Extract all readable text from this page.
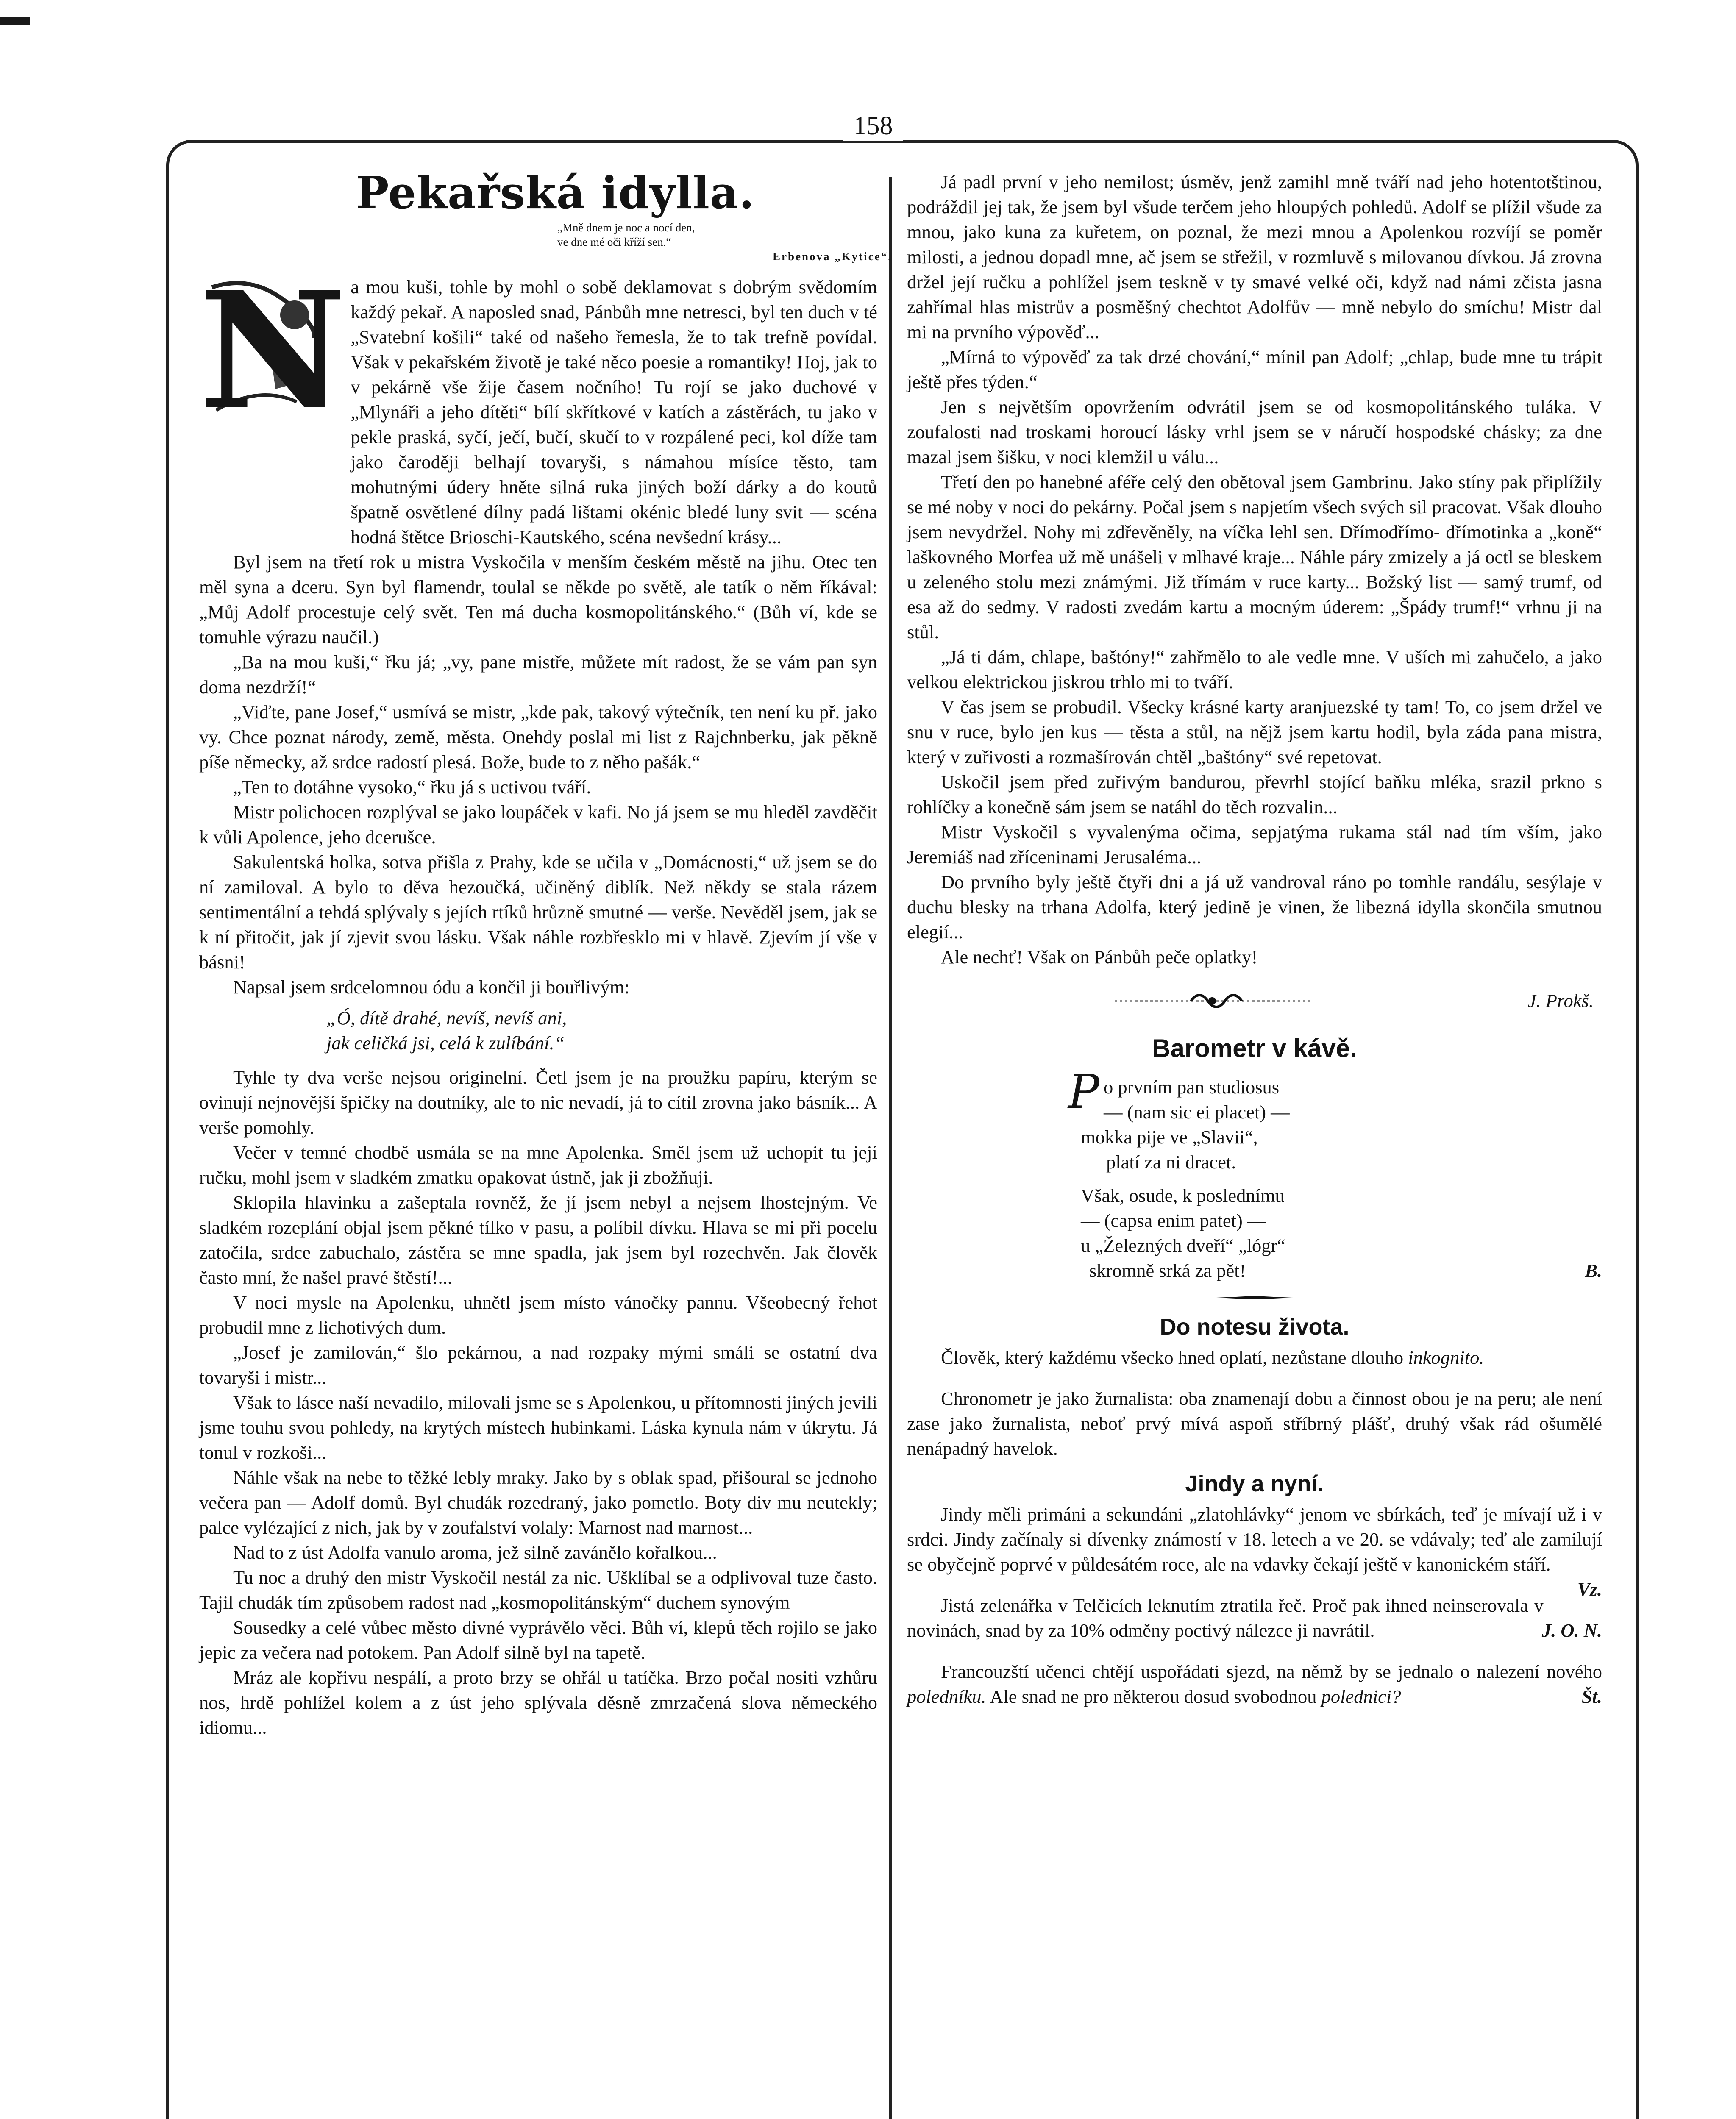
158

Pekařská idylla.

„Mně dnem je noc a nocí den,
ve dne mé oči kříží sen.“
Erbenova „Kytice“.
N a mou kuši, tohle by mohl o sobě deklamovat s dobrým svědomím každý pekař. A naposled snad, Pánbůh mne netresci, byl ten duch v té „Svatební košili“ také od našeho řemesla, že to tak trefně povídal. Však v pekařském životě je také něco poesie a romantiky! Hoj, jak to v pekárně vše žije časem nočního! Tu rojí se jako duchové v „Mlynáři a jeho dítěti“ bílí skřítkové v katích a zástěrách, tu jako v pekle praská, syčí, ječí, bučí, skučí to v rozpálené peci, kol díže tam jako čaroději belhají tovaryši, s námahou mísíce těsto, tam mohutnými údery hněte silná ruka jiných boží dárky a do koutů špatně osvětlené dílny padá lištami okénic bledé luny svit — scéna hodná štětce Brioschi-Kautského, scéna nevšední krásy...

Byl jsem na třetí rok u mistra Vyskočila v menším českém městě na jihu. Otec ten měl syna a dceru. Syn byl flamendr, toulal se někde po světě, ale tatík o něm říkával: „Můj Adolf procestuje celý svět. Ten má ducha kosmopolitánského.“ (Bůh ví, kde se tomuhle výrazu naučil.)

„Ba na mou kuši,“ řku já; „vy, pane mistře, můžete mít radost, že se vám pan syn doma nezdrží!“

„Viďte, pane Josef,“ usmívá se mistr, „kde pak, takový výtečník, ten není ku př. jako vy. Chce poznat národy, země, města. Onehdy poslal mi list z Rajchnberku, jak pěkně píše německy, až srdce radostí plesá. Bože, bude to z něho pašák.“

„Ten to dotáhne vysoko,“ řku já s uctivou tváří.

Mistr polichocen rozplýval se jako loupáček v kafi. No já jsem se mu hleděl zavděčit k vůli Apolence, jeho dcerušce.

Sakulentská holka, sotva přišla z Prahy, kde se učila v „Domácnosti,“ už jsem se do ní zamiloval. A bylo to děva hezoučká, učiněný diblík. Než někdy se stala rázem sentimentální a tehdá splývaly s jejích rtíků hrůzně smutné — verše. Nevěděl jsem, jak se k ní přitočit, jak jí zjevit svou lásku. Však náhle rozbřesklo mi v hlavě. Zjevím jí vše v básni!

Napsal jsem srdcelomnou ódu a končil ji bouřlivým:

„Ó, dítě drahé, nevíš, nevíš ani,
jak celičká jsi, celá k zulíbání.“

Tyhle ty dva verše nejsou originelní. Četl jsem je na proužku papíru, kterým se ovinují nejnovější špičky na doutníky, ale to nic nevadí, já to cítil zrovna jako básník... A verše pomohly.

Večer v temné chodbě usmála se na mne Apolenka. Směl jsem už uchopit tu její ručku, mohl jsem v sladkém zmatku opakovat ústně, jak ji zbožňuji.

Sklopila hlavinku a zašeptala rovněž, že jí jsem nebyl a nejsem lhostejným. Ve sladkém rozeplání objal jsem pěkné tílko v pasu, a políbil dívku. Hlava se mi při pocelu zatočila, srdce zabuchalo, zástěra se mne spadla, jak jsem byl rozechvěn. Jak člověk často mní, že našel pravé štěstí!...

V noci mysle na Apolenku, uhnětl jsem místo vánočky pannu. Všeobecný řehot probudil mne z lichotivých dum.

„Josef je zamilován,“ šlo pekárnou, a nad rozpaky mými smáli se ostatní dva tovaryši i mistr...

Však to lásce naší nevadilo, milovali jsme se s Apolenkou, u přítomnosti jiných jevili jsme touhu svou pohledy, na krytých místech hubinkami. Láska kynula nám v úkrytu. Já tonul v rozkoši...

Náhle však na nebe to těžké lebly mraky. Jako by s oblak spad, přišoural se jednoho večera pan — Adolf domů. Byl chudák rozedraný, jako pometlo. Boty div mu neutekly; palce vylézající z nich, jak by v zoufalství volaly: Marnost nad marnost...

Nad to z úst Adolfa vanulo aroma, jež silně zavánělo kořalkou...

Tu noc a druhý den mistr Vyskočil nestál za nic. Ušklíbal se a odplivoval tuze často. Tajil chudák tím způsobem radost nad „kosmopolitánským“ duchem synovým

Sousedky a celé vůbec město divné vyprávělo věci. Bůh ví, klepů těch rojilo se jako jepic za večera nad potokem. Pan Adolf silně byl na tapetě.

Mráz ale kopřivu nespálí, a proto brzy se ohřál u tatíčka. Brzo počal nositi vzhůru nos, hrdě pohlížel kolem a z úst jeho splývala děsně zmrzačená slova německého idiomu...

Já padl první v jeho nemilost; úsměv, jenž zamihl mně tváří nad jeho hotentotštinou, podráždil jej tak, že jsem byl všude terčem jeho hloupých pohledů. Adolf se plížil všude za mnou, jako kuna za kuřetem, on poznal, že mezi mnou a Apolenkou rozvíjí se poměr milosti, a jednou dopadl mne, ač jsem se střežil, v rozmluvě s milovanou dívkou. Já zrovna držel její ručku a pohlížel jsem teskně v ty smavé velké oči, když nad námi zčista jasna zahřímal hlas mistrův a posměšný chechtot Adolfův — mně nebylo do smíchu! Mistr dal mi na prvního výpověď...

„Mírná to výpověď za tak drzé chování,“ mínil pan Adolf; „chlap, bude mne tu trápit ještě přes týden.“

Jen s největším opovržením odvrátil jsem se od kosmopolitánského tuláka. V zoufalosti nad troskami horoucí lásky vrhl jsem se v náručí hospodské chásky; za dne mazal jsem šišku, v noci klemžil u válu...

Třetí den po hanebné aféře celý den obětoval jsem Gambrinu. Jako stíny pak připlížily se mé noby v noci do pekárny. Počal jsem s napjetím všech svých sil pracovat. Však dlouho jsem nevydržel. Nohy mi zdřevěněly, na víčka lehl sen. Dřímodřímo- dřímotinka a „koně“ laškovného Morfea už mě unášeli v mlhavé kraje... Náhle páry zmizely a já octl se bleskem u zeleného stolu mezi známými. Již třímám v ruce karty... Božský list — samý trumf, od esa až do sedmy. V radosti zvedám kartu a mocným úderem: „Špády trumf!“ vrhnu ji na stůl.

„Já ti dám, chlape, baštóny!“ zahřmělo to ale vedle mne. V uších mi zahučelo, a jako velkou elektrickou jiskrou trhlo mi to tváří.

V čas jsem se probudil. Všecky krásné karty aranjuezské ty tam! To, co jsem držel ve snu v ruce, bylo jen kus — těsta a stůl, na nějž jsem kartu hodil, byla záda pana mistra, který v zuřivosti a rozmašírován chtěl „baštóny“ své repetovat.

Uskočil jsem před zuřivým bandurou, převrhl stojící baňku mléka, srazil prkno s rohlíčky a konečně sám jsem se natáhl do těch rozvalin...

Mistr Vyskočil s vyvalenýma očima, sepjatýma rukama stál nad tím vším, jako Jeremiáš nad zříceninami Jerusaléma...

Do prvního byly ještě čtyři dni a já už vandroval ráno po tomhle randálu, sesýlaje v duchu blesky na trhana Adolfa, který jedině je vinen, že libezná idylla skončila smutnou elegií...

Ale nechť! Však on Pánbůh peče oplatky!

J. Prokš.
Barometr v kávě.
P o prvním pan studiosus
— (nam sic ei placet) —
mokka pije ve „Slavii“,
platí za ni dracet.
Však, osude, k poslednímu
— (capsa enim patet) —
u „Železných dveří“ „lógr“
skromně srká za pět!	B.
Do notesu života.

Člověk, který každému všecko hned oplatí, nezůstane dlouho inkognito.

Chronometr je jako žurnalista: oba znamenají dobu a činnost obou je na peru; ale není zase jako žurnalista, neboť prvý mívá aspoň stříbrný plášť, druhý však rád ošumělé nenápadný havelok.

Jindy a nyní.

Jindy měli primáni a sekundáni „zlatohlávky“ jenom ve sbírkách, teď je mívají už i v srdci. Jindy začínaly si dívenky známostí v 18. letech a ve 20. se vdávaly; teď ale zamilují se obyčejně poprvé v půldesátém roce, ale na vdavky čekají ještě v kanonickém stáří.
Vz.

Jistá zelenářka v Telčicích leknutím ztratila řeč. Proč pak ihned neinserovala v novinách, snad by za 10% odměny poctivý nálezce ji navrátil.	J. O. N.

Francouzští učenci chtějí uspořádati sjezd, na němž by se jednalo o nalezení nového poledníku. Ale snad ne pro některou dosud svobodnou polednici?	Št.
